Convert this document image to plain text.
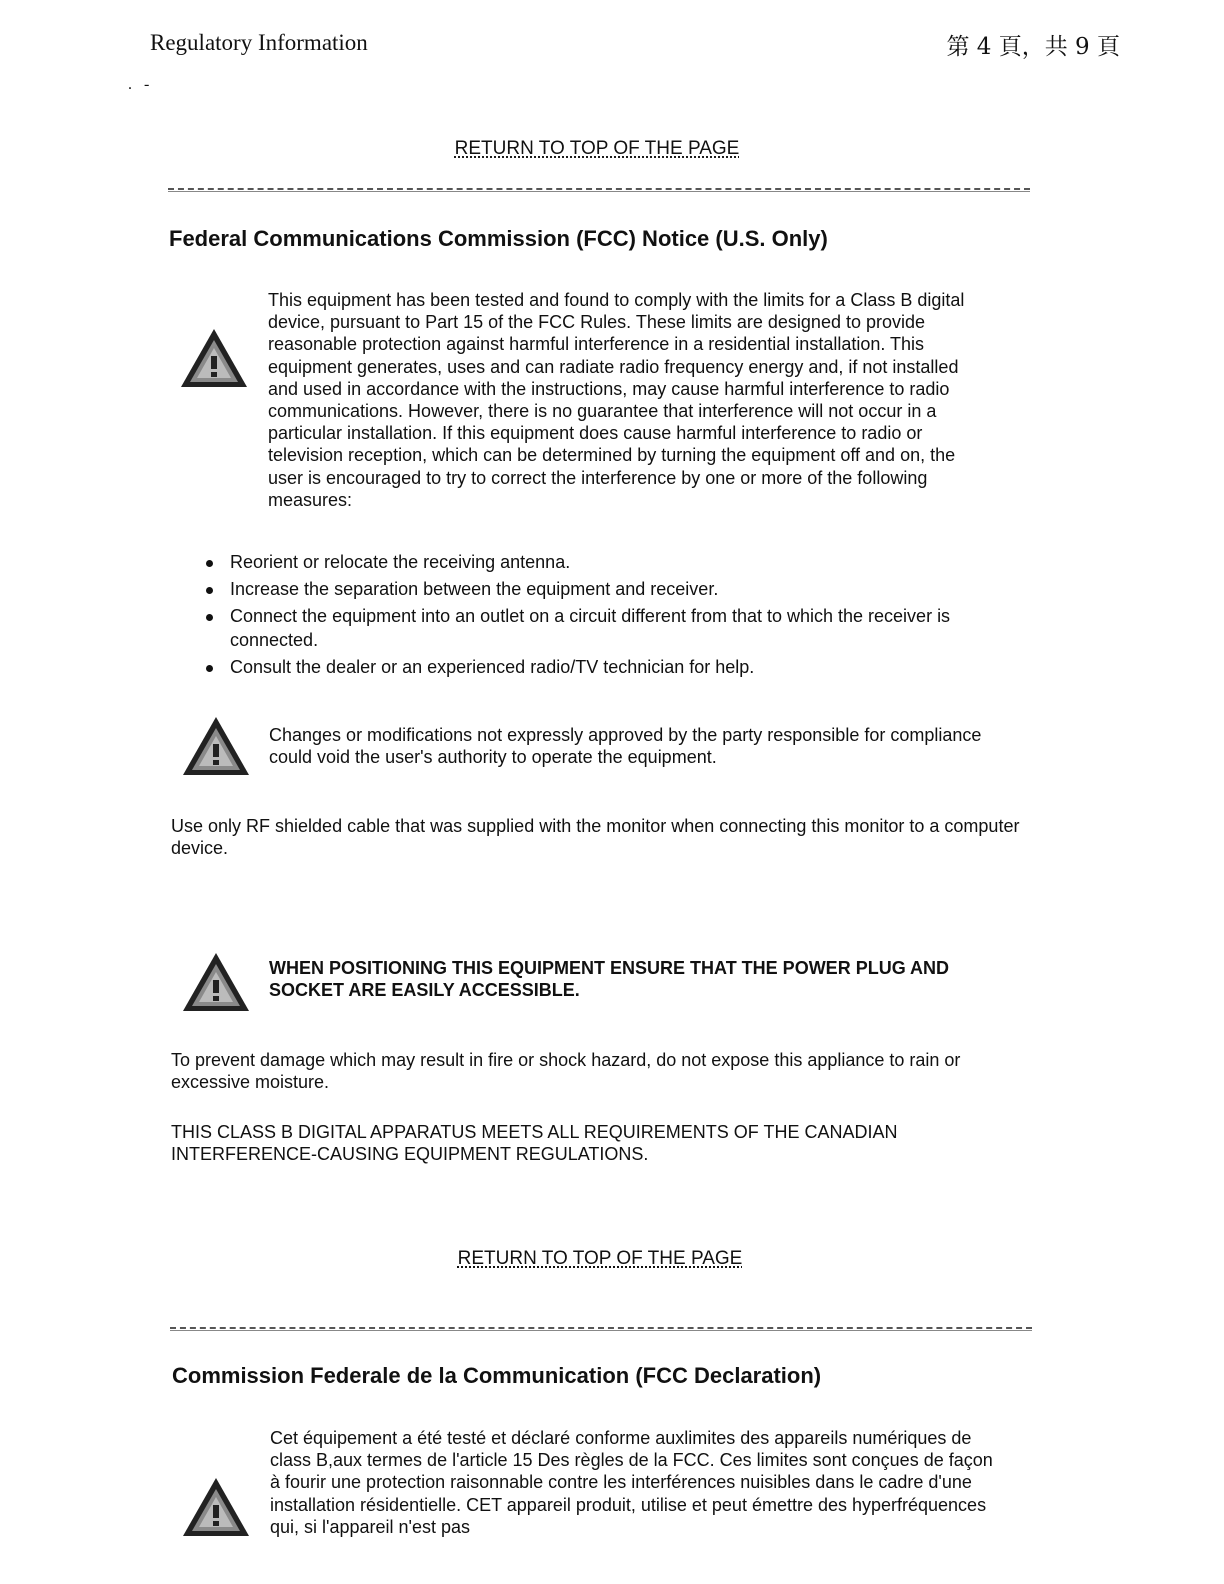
Regulatory Information	第 4 頁，共 9 頁
. -
RETURN TO TOP OF THE PAGE
Federal Communications Commission (FCC) Notice (U.S. Only)

This equipment has been tested and found to comply with the limits for a Class B digital device, pursuant to Part 15 of the FCC Rules. These limits are designed to provide reasonable protection against harmful interference in a residential installation. This equipment generates, uses and can radiate radio frequency energy and, if not installed and used in accordance with the instructions, may cause harmful interference to radio communications. However, there is no guarantee that interference will not occur in a particular installation. If this equipment does cause harmful interference to radio or television reception, which can be determined by turning the equipment off and on, the user is encouraged to try to correct the interference by one or more of the following measures:

Reorient or relocate the receiving antenna.
Increase the separation between the equipment and receiver.
Connect the equipment into an outlet on a circuit different from that to which the receiver is connected.
Consult the dealer or an experienced radio/TV technician for help.

Changes or modifications not expressly approved by the party responsible for compliance could void the user's authority to operate the equipment.

Use only RF shielded cable that was supplied with the monitor when connecting this monitor to a computer device.

WHEN POSITIONING THIS EQUIPMENT ENSURE THAT THE POWER PLUG AND SOCKET ARE EASILY ACCESSIBLE.

To prevent damage which may result in fire or shock hazard, do not expose this appliance to rain or excessive moisture.

THIS CLASS B DIGITAL APPARATUS MEETS ALL REQUIREMENTS OF THE CANADIAN INTERFERENCE-CAUSING EQUIPMENT REGULATIONS.

RETURN TO TOP OF THE PAGE
Commission Federale de la Communication (FCC Declaration)

Cet équipement a été testé et déclaré conforme auxlimites des appareils numériques de class B,aux termes de l'article 15 Des règles de la FCC. Ces limites sont conçues de façon à fourir une protection raisonnable contre les interférences nuisibles dans le cadre d'une installation résidentielle. CET appareil produit, utilise et peut émettre des hyperfréquences qui, si l'appareil n'est pas
